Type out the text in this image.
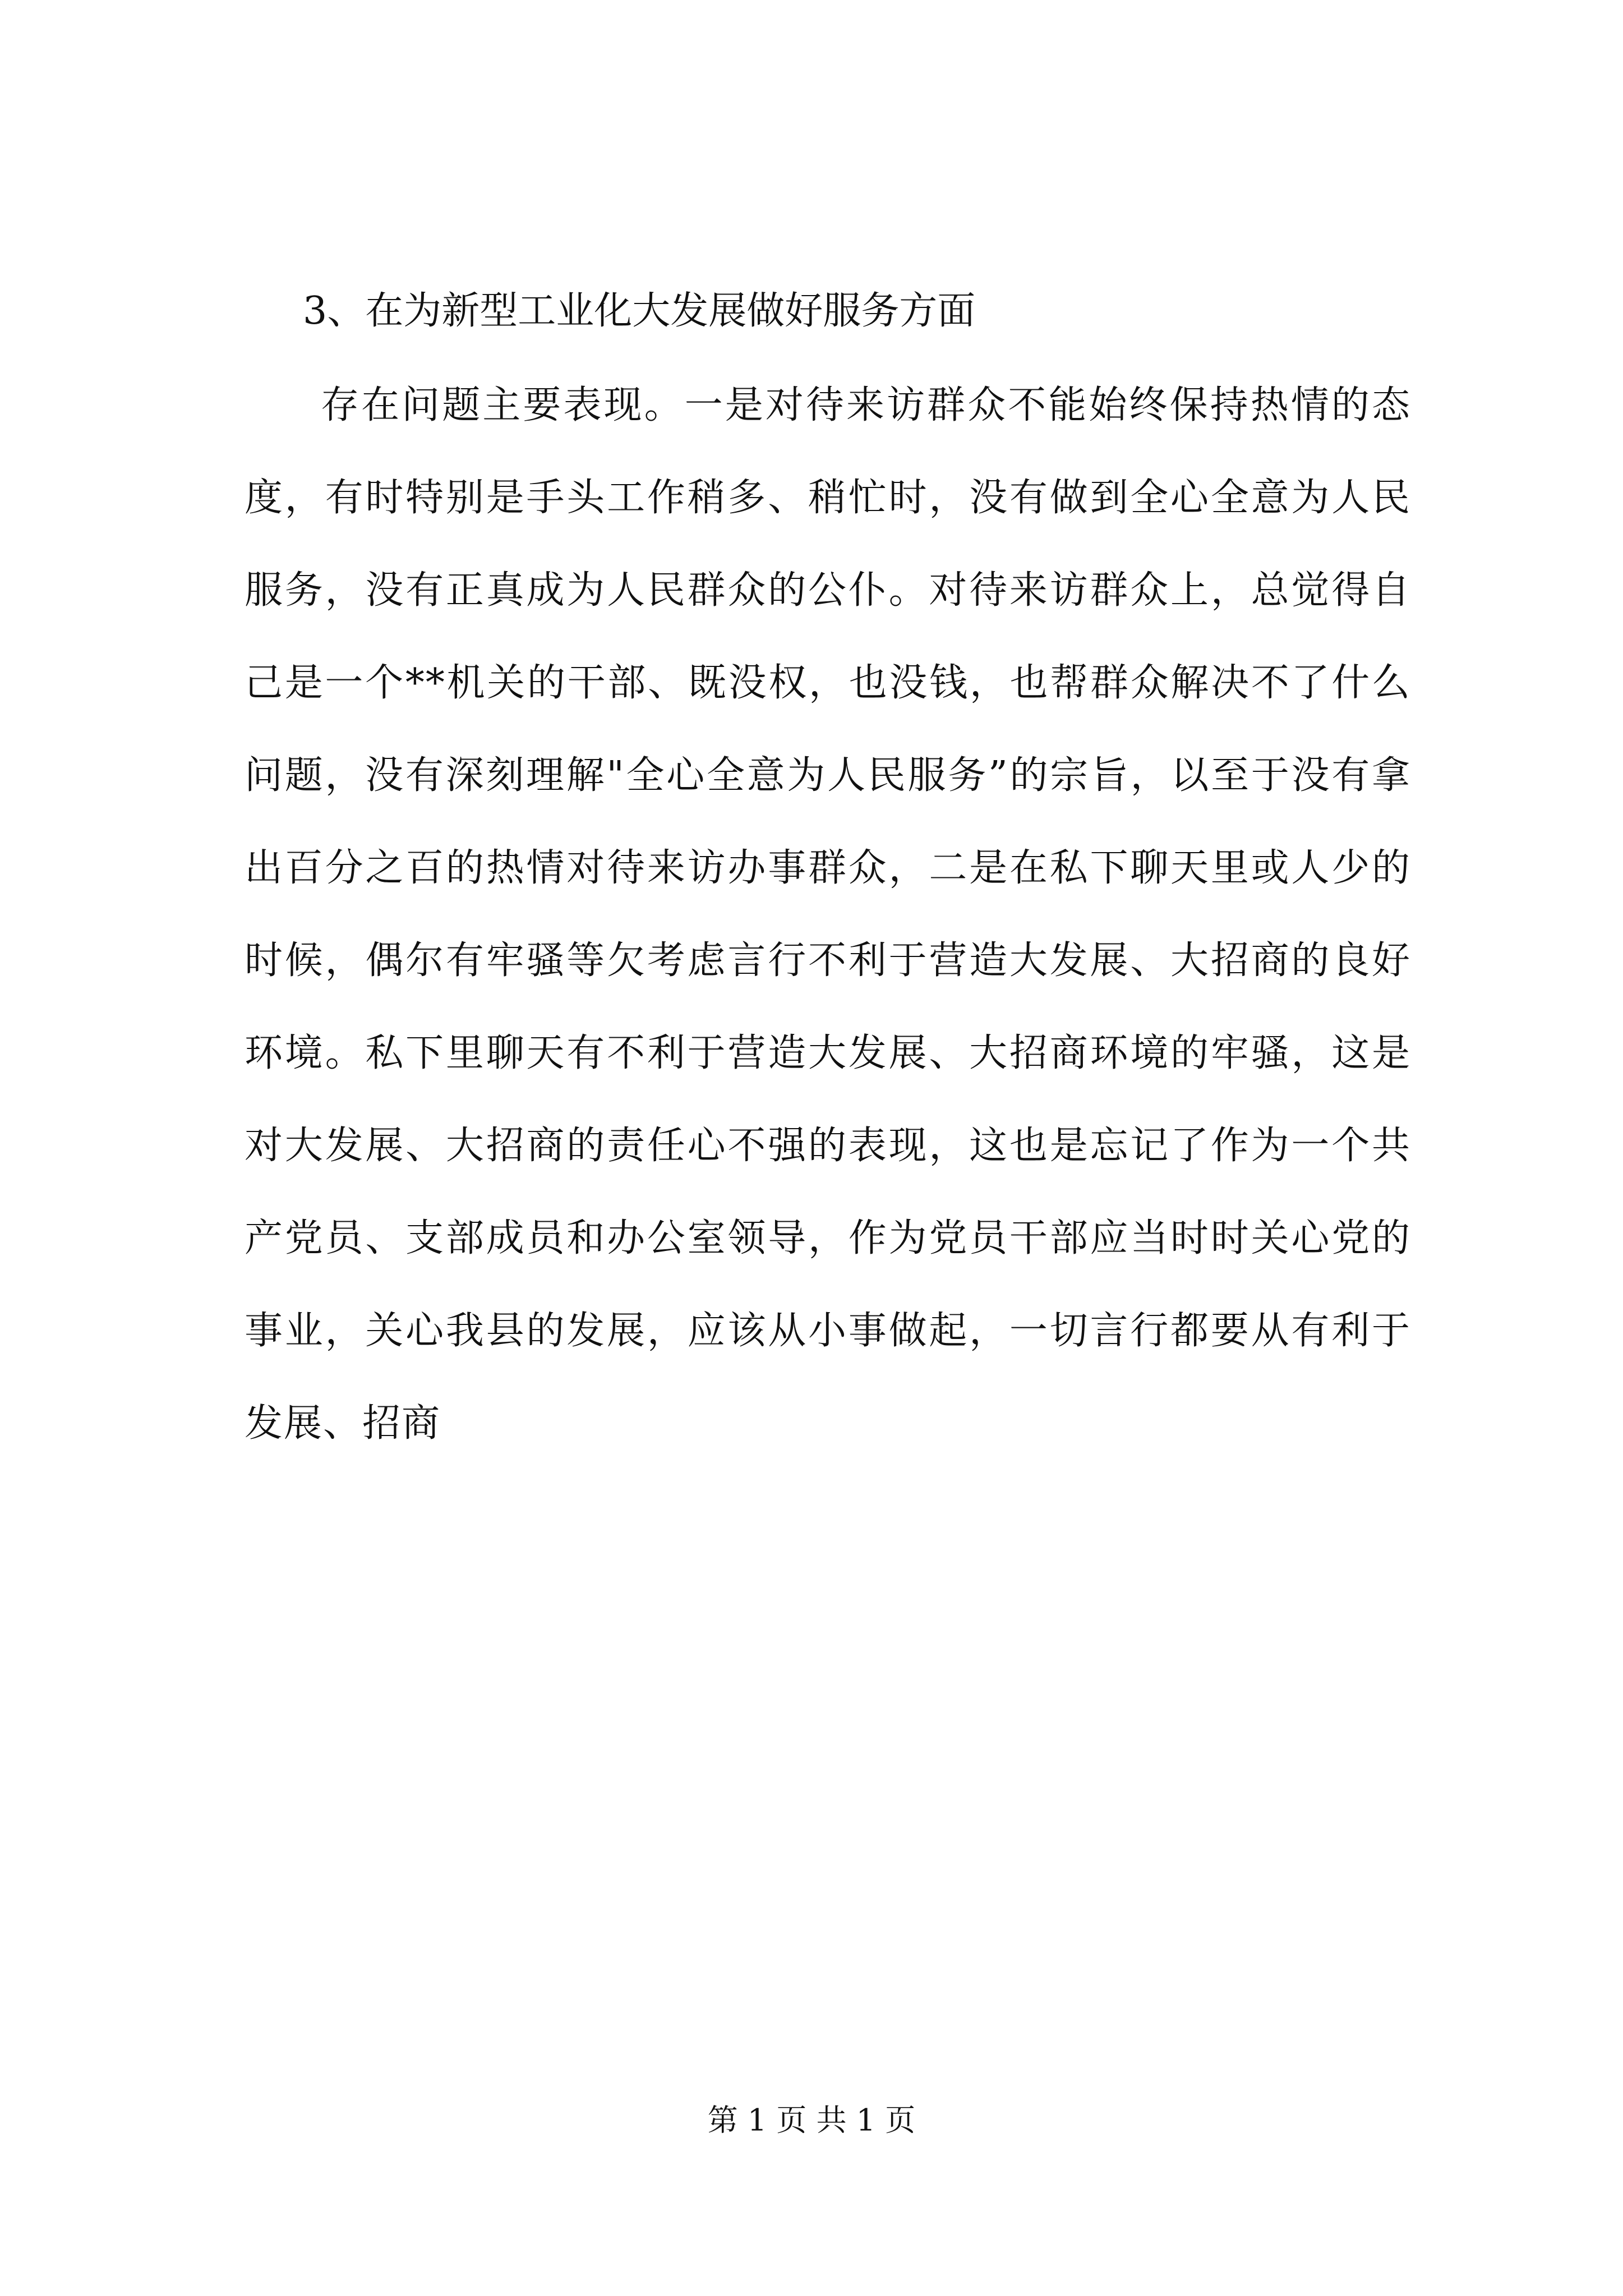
3、在为新型工业化大发展做好服务方面

存在问题主要表现。一是对待来访群众不能始终保持热情的态度，有时特别是手头工作稍多、稍忙时，没有做到全心全意为人民服务，没有正真成为人民群众的公仆。对待来访群众上，总觉得自己是一个**机关的干部、既没权，也没钱，也帮群众解决不了什么问题，没有深刻理解"全心全意为人民服务”的宗旨，以至于没有拿出百分之百的热情对待来访办事群众，二是在私下聊天里或人少的时候，偶尔有牢骚等欠考虑言行不利于营造大发展、大招商的良好环境。私下里聊天有不利于营造大发展、大招商环境的牢骚，这是对大发展、大招商的责任心不强的表现，这也是忘记了作为一个共产党员、支部成员和办公室领导，作为党员干部应当时时关心党的事业，关心我县的发展，应该从小事做起，一切言行都要从有利于发展、招商

第 1 页 共 1 页
